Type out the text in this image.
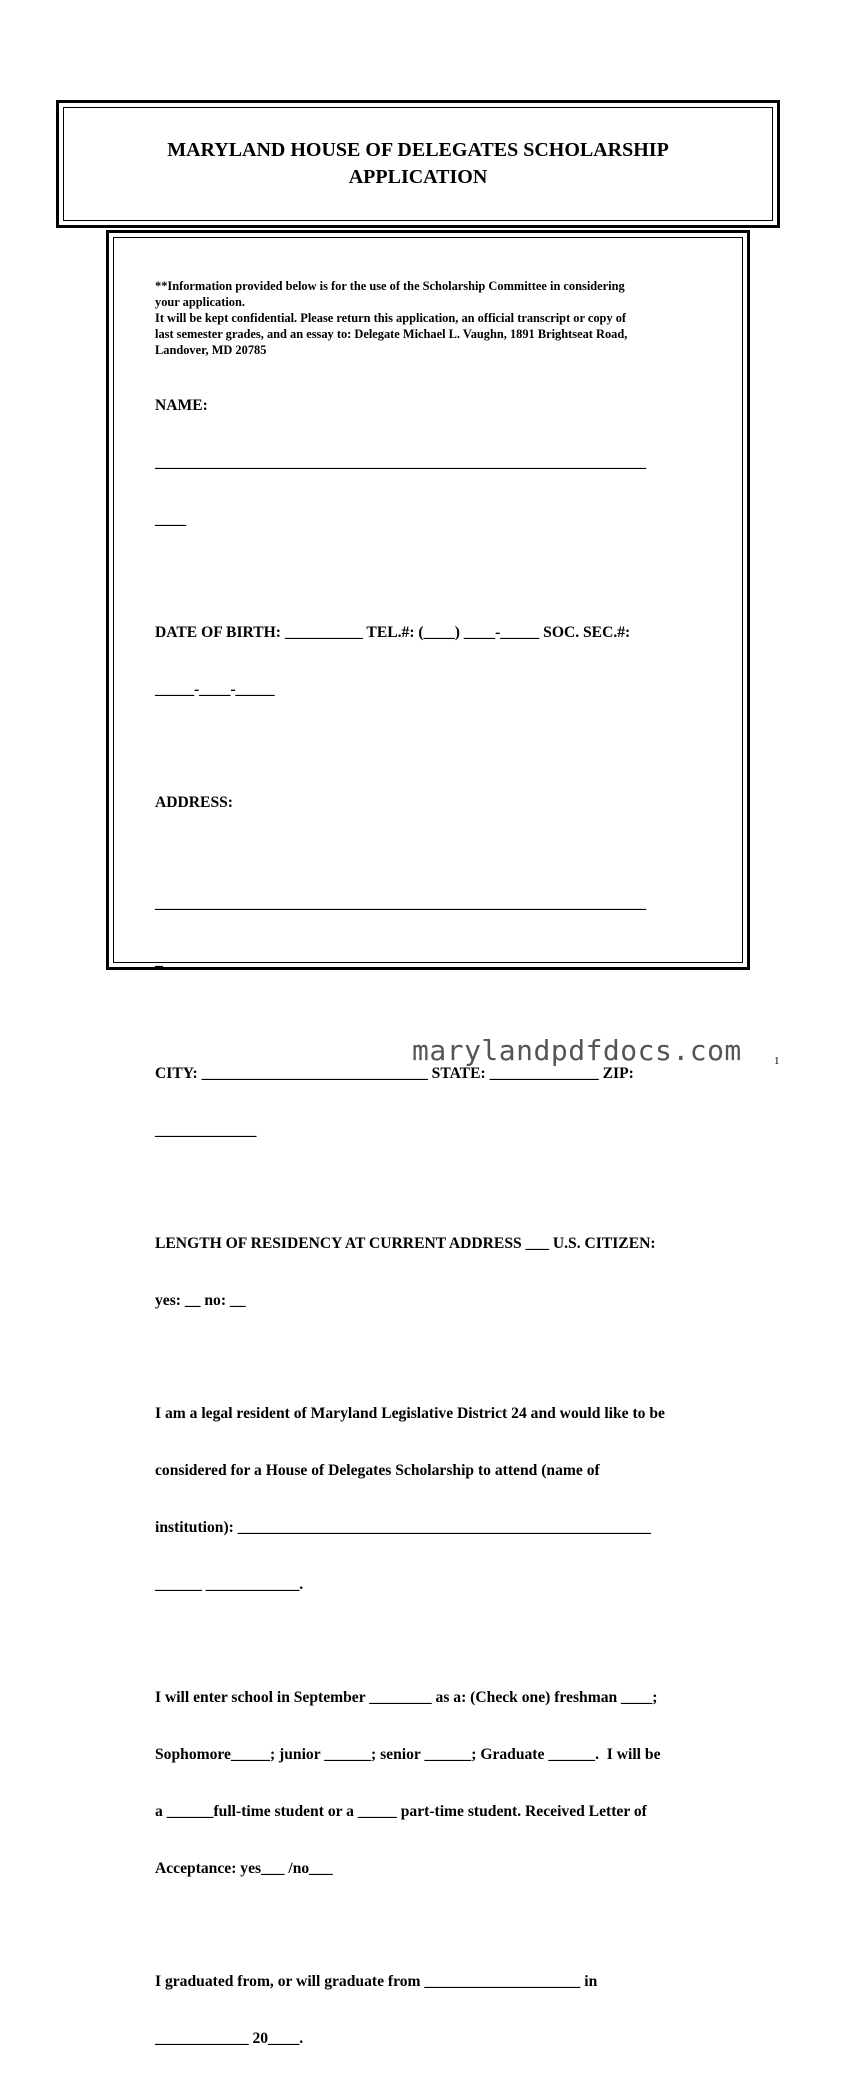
MARYLAND HOUSE OF DELEGATES SCHOLARSHIP
APPLICATION

**Information provided below is for the use of the Scholarship Committee in considering
your application.
It will be kept confidential. Please return this application, an official transcript or copy of
last semester grades, and an essay to: Delegate Michael L. Vaughn, 1891 Brightseat Road,
Landover, MD 20785

NAME:

_______________________________________________________________

____

DATE OF BIRTH: __________ TEL.#: (____) ____-_____ SOC. SEC.#:

_____-____-_____

ADDRESS:

_______________________________________________________________

_

CITY: _____________________________ STATE: ______________ ZIP:

_____________

LENGTH OF RESIDENCY AT CURRENT ADDRESS ___ U.S. CITIZEN:

yes: __ no: __

I am a legal resident of Maryland Legislative District 24 and would like to be

considered for a House of Delegates Scholarship to attend (name of

institution): _____________________________________________________

______ ____________.

I will enter school in September ________ as a: (Check one) freshman ____;

Sophomore_____; junior ______; senior ______; Graduate ______.  I will be

a ______full-time student or a _____ part-time student. Received Letter of

Acceptance: yes___ /no___

I graduated from, or will graduate from ____________________ in

____________ 20____.

1
marylandpdfdocs.com
